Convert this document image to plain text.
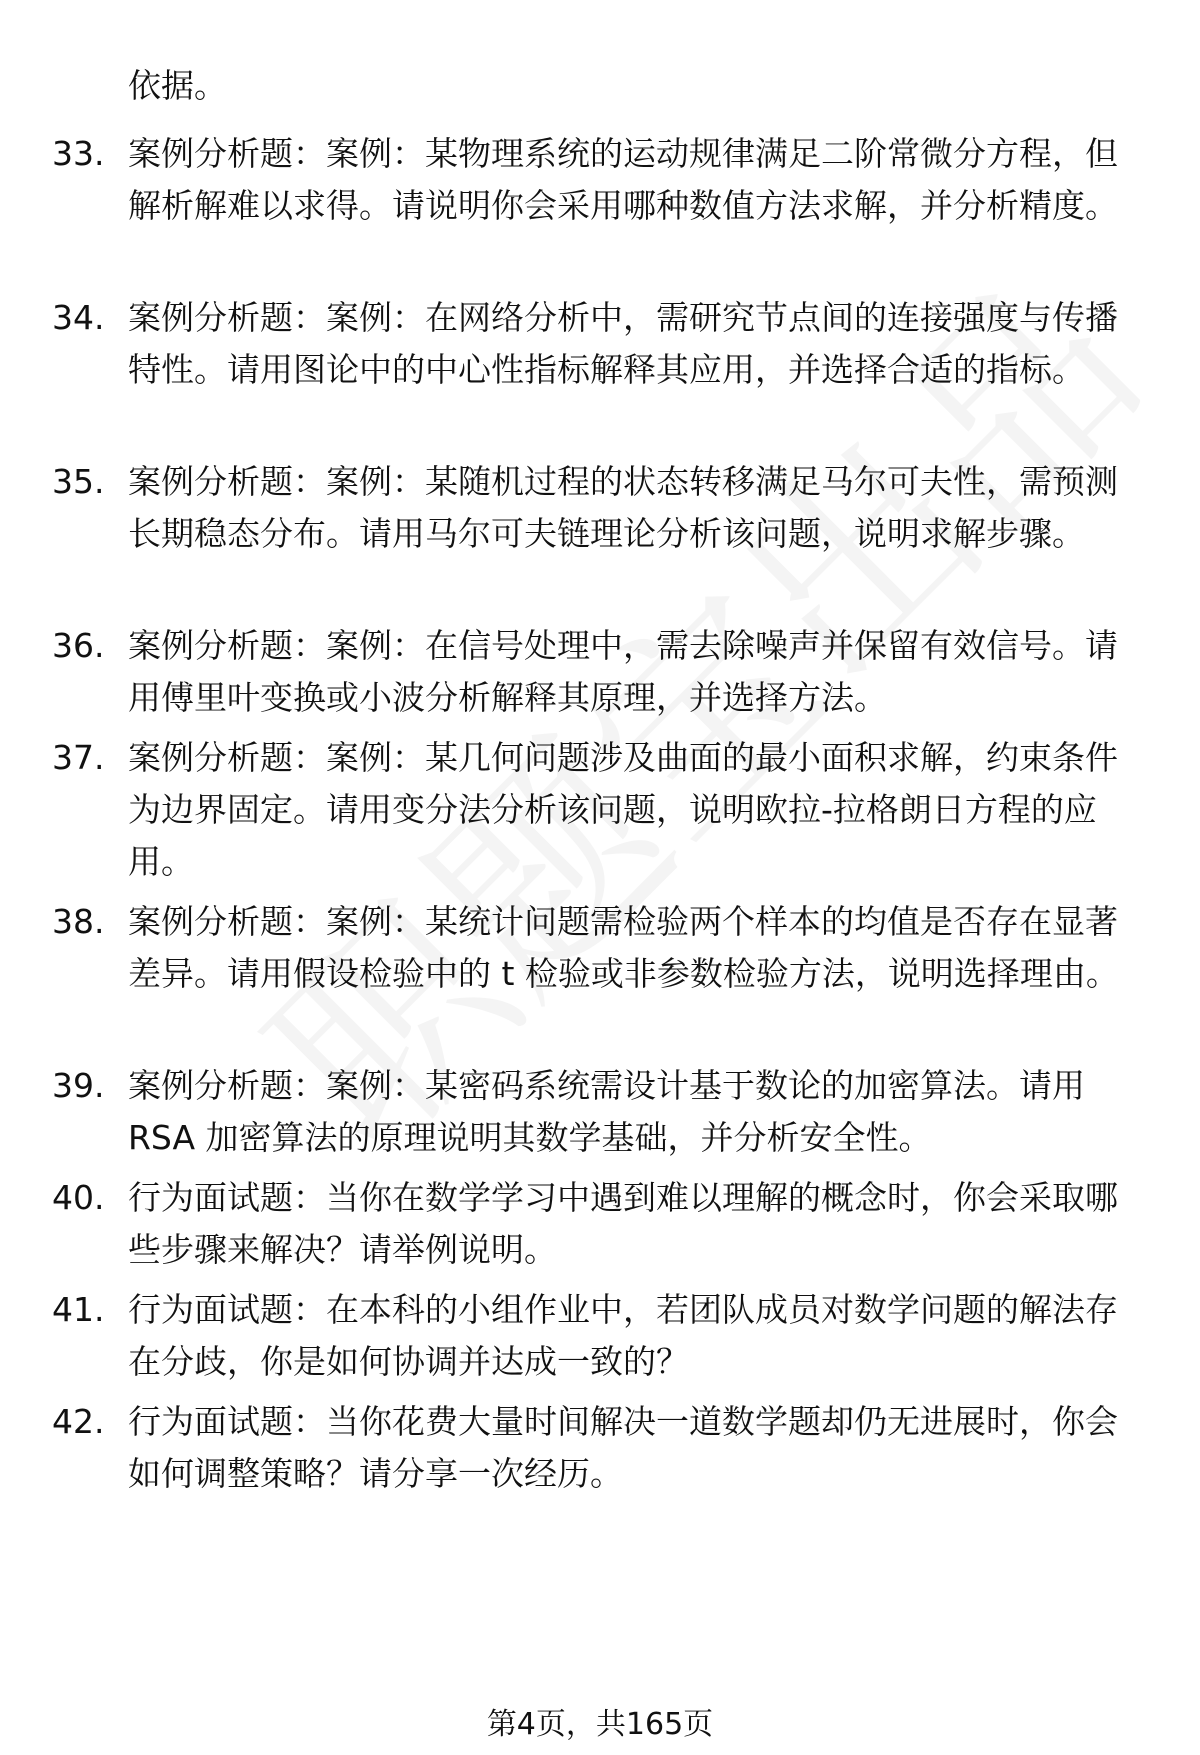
依据。
33. 案例分析题：案例：某物理系统的运动规律满足二阶常微分方程，但解析解难以求得。请说明你会采用哪种数值方法求解，并分析精度。
34. 案例分析题：案例：在网络分析中，需研究节点间的连接强度与传播特性。请用图论中的中心性指标解释其应用，并选择合适的指标。
35. 案例分析题：案例：某随机过程的状态转移满足马尔可夫性，需预测长期稳态分布。请用马尔可夫链理论分析该问题，说明求解步骤。
36. 案例分析题：案例：在信号处理中，需去除噪声并保留有效信号。请用傅里叶变换或小波分析解释其原理，并选择方法。
37. 案例分析题：案例：某几何问题涉及曲面的最小面积求解，约束条件为边界固定。请用变分法分析该问题，说明欧拉-拉格朗日方程的应用。
38. 案例分析题：案例：某统计问题需检验两个样本的均值是否存在显著差异。请用假设检验中的 t 检验或非参数检验方法，说明选择理由。
39. 案例分析题：案例：某密码系统需设计基于数论的加密算法。请用 RSA 加密算法的原理说明其数学基础，并分析安全性。
40. 行为面试题：当你在数学学习中遇到难以理解的概念时，你会采取哪些步骤来解决？请举例说明。
41. 行为面试题：在本科的小组作业中，若团队成员对数学问题的解法存在分歧，你是如何协调并达成一致的？
42. 行为面试题：当你花费大量时间解决一道数学题却仍无进展时，你会如何调整策略？请分享一次经历。
第4页，共165页
